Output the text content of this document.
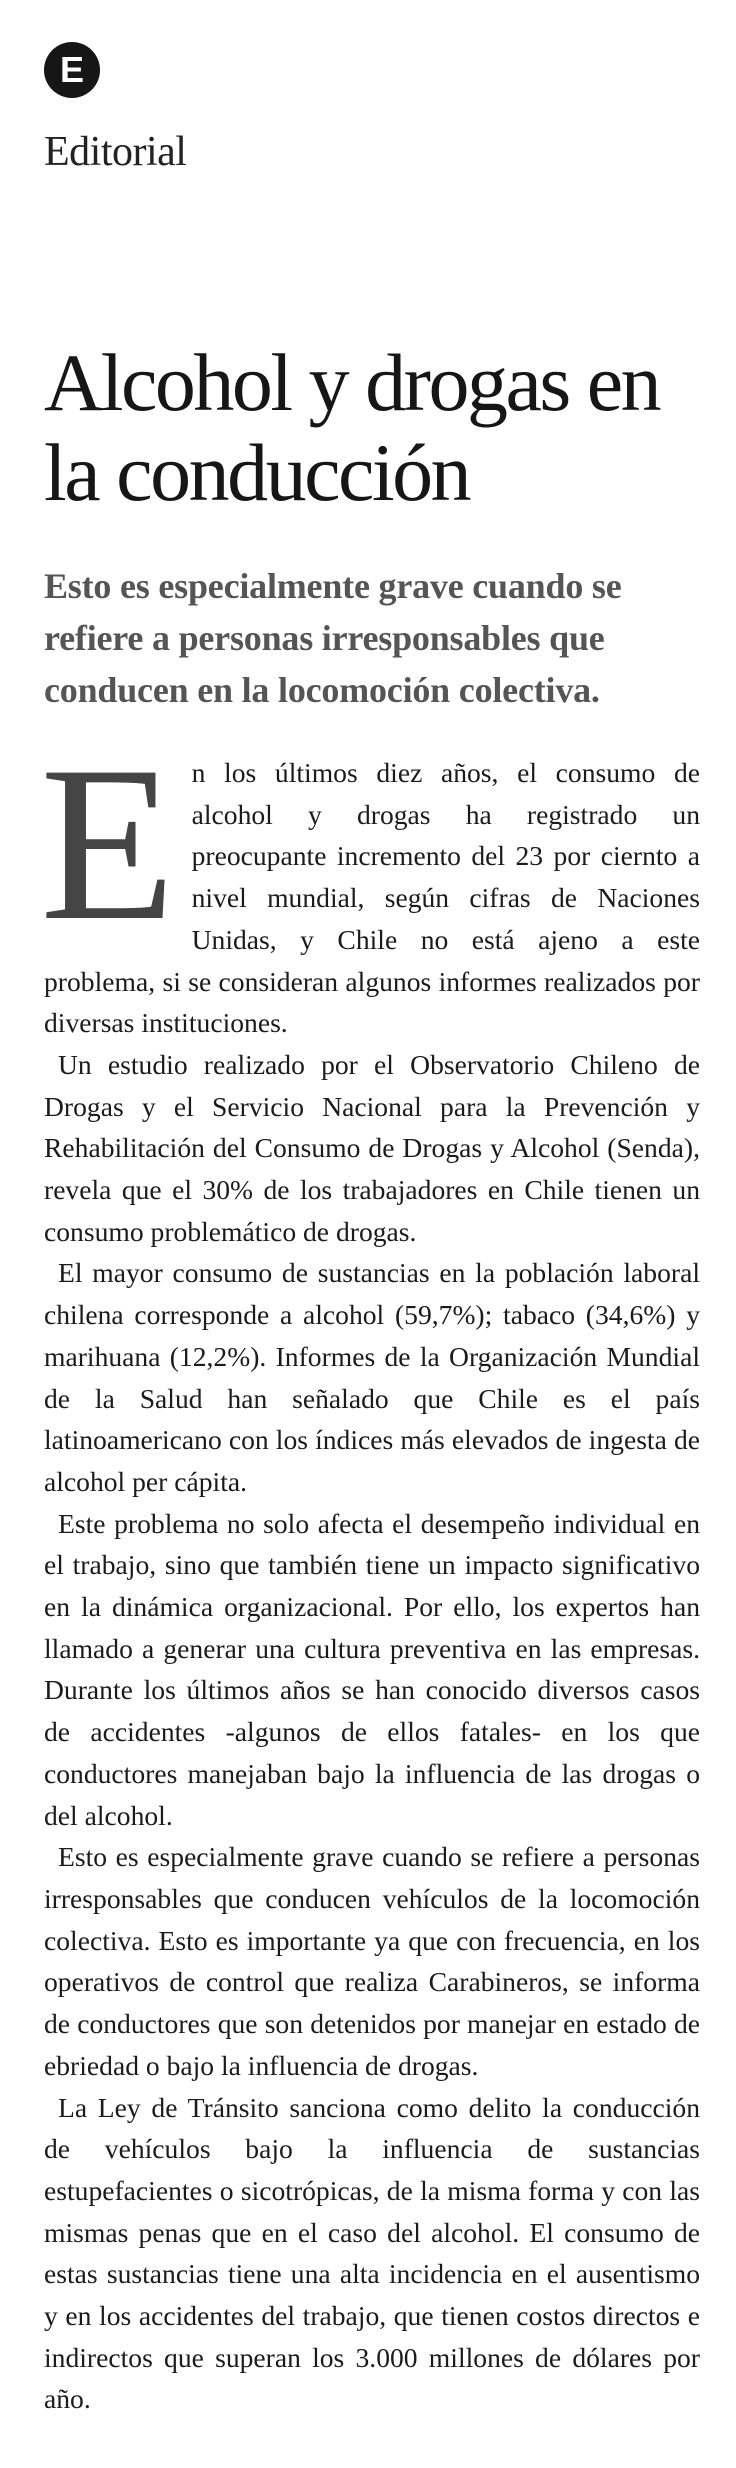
E
Editorial
Alcohol y drogas en la conducción

Esto es especialmente grave cuando se refiere a personas irresponsables que conducen en la locomoción colectiva.

En los últimos diez años, el consumo de alcohol y drogas ha registrado un preocupante incremento del 23 por ciernto a nivel mundial, según cifras de Naciones Unidas, y Chile no está ajeno a este problema, si se consideran algunos informes realizados por diversas instituciones.

Un estudio realizado por el Observatorio Chileno de Drogas y el Servicio Nacional para la Prevención y Rehabilitación del Consumo de Drogas y Alcohol (Senda), revela que el 30% de los trabajadores en Chile tienen un consumo problemático de drogas.

El mayor consumo de sustancias en la población laboral chilena corresponde a alcohol (59,7%); tabaco (34,6%) y marihuana (12,2%). Informes de la Organización Mundial de la Salud han señalado que Chile es el país latinoamericano con los índices más elevados de ingesta de alcohol per cápita.

Este problema no solo afecta el desempeño individual en el trabajo, sino que también tiene un impacto significativo en la dinámica organizacional. Por ello, los expertos han llamado a generar una cultura preventiva en las empresas. Durante los últimos años se han conocido diversos casos de accidentes -algunos de ellos fatales- en los que conductores manejaban bajo la influencia de las drogas o del alcohol.

Esto es especialmente grave cuando se refiere a personas irresponsables que conducen vehículos de la locomoción colectiva. Esto es importante ya que con frecuencia, en los operativos de control que realiza Carabineros, se informa de conductores que son detenidos por manejar en estado de ebriedad o bajo la influencia de drogas.

La Ley de Tránsito sanciona como delito la conducción de vehículos bajo la influencia de sustancias estupefacientes o sicotrópicas, de la misma forma y con las mismas penas que en el caso del alcohol. El consumo de estas sustancias tiene una alta incidencia en el ausentismo y en los accidentes del trabajo, que tienen costos directos e indirectos que superan los 3.000 millones de dólares por año.
